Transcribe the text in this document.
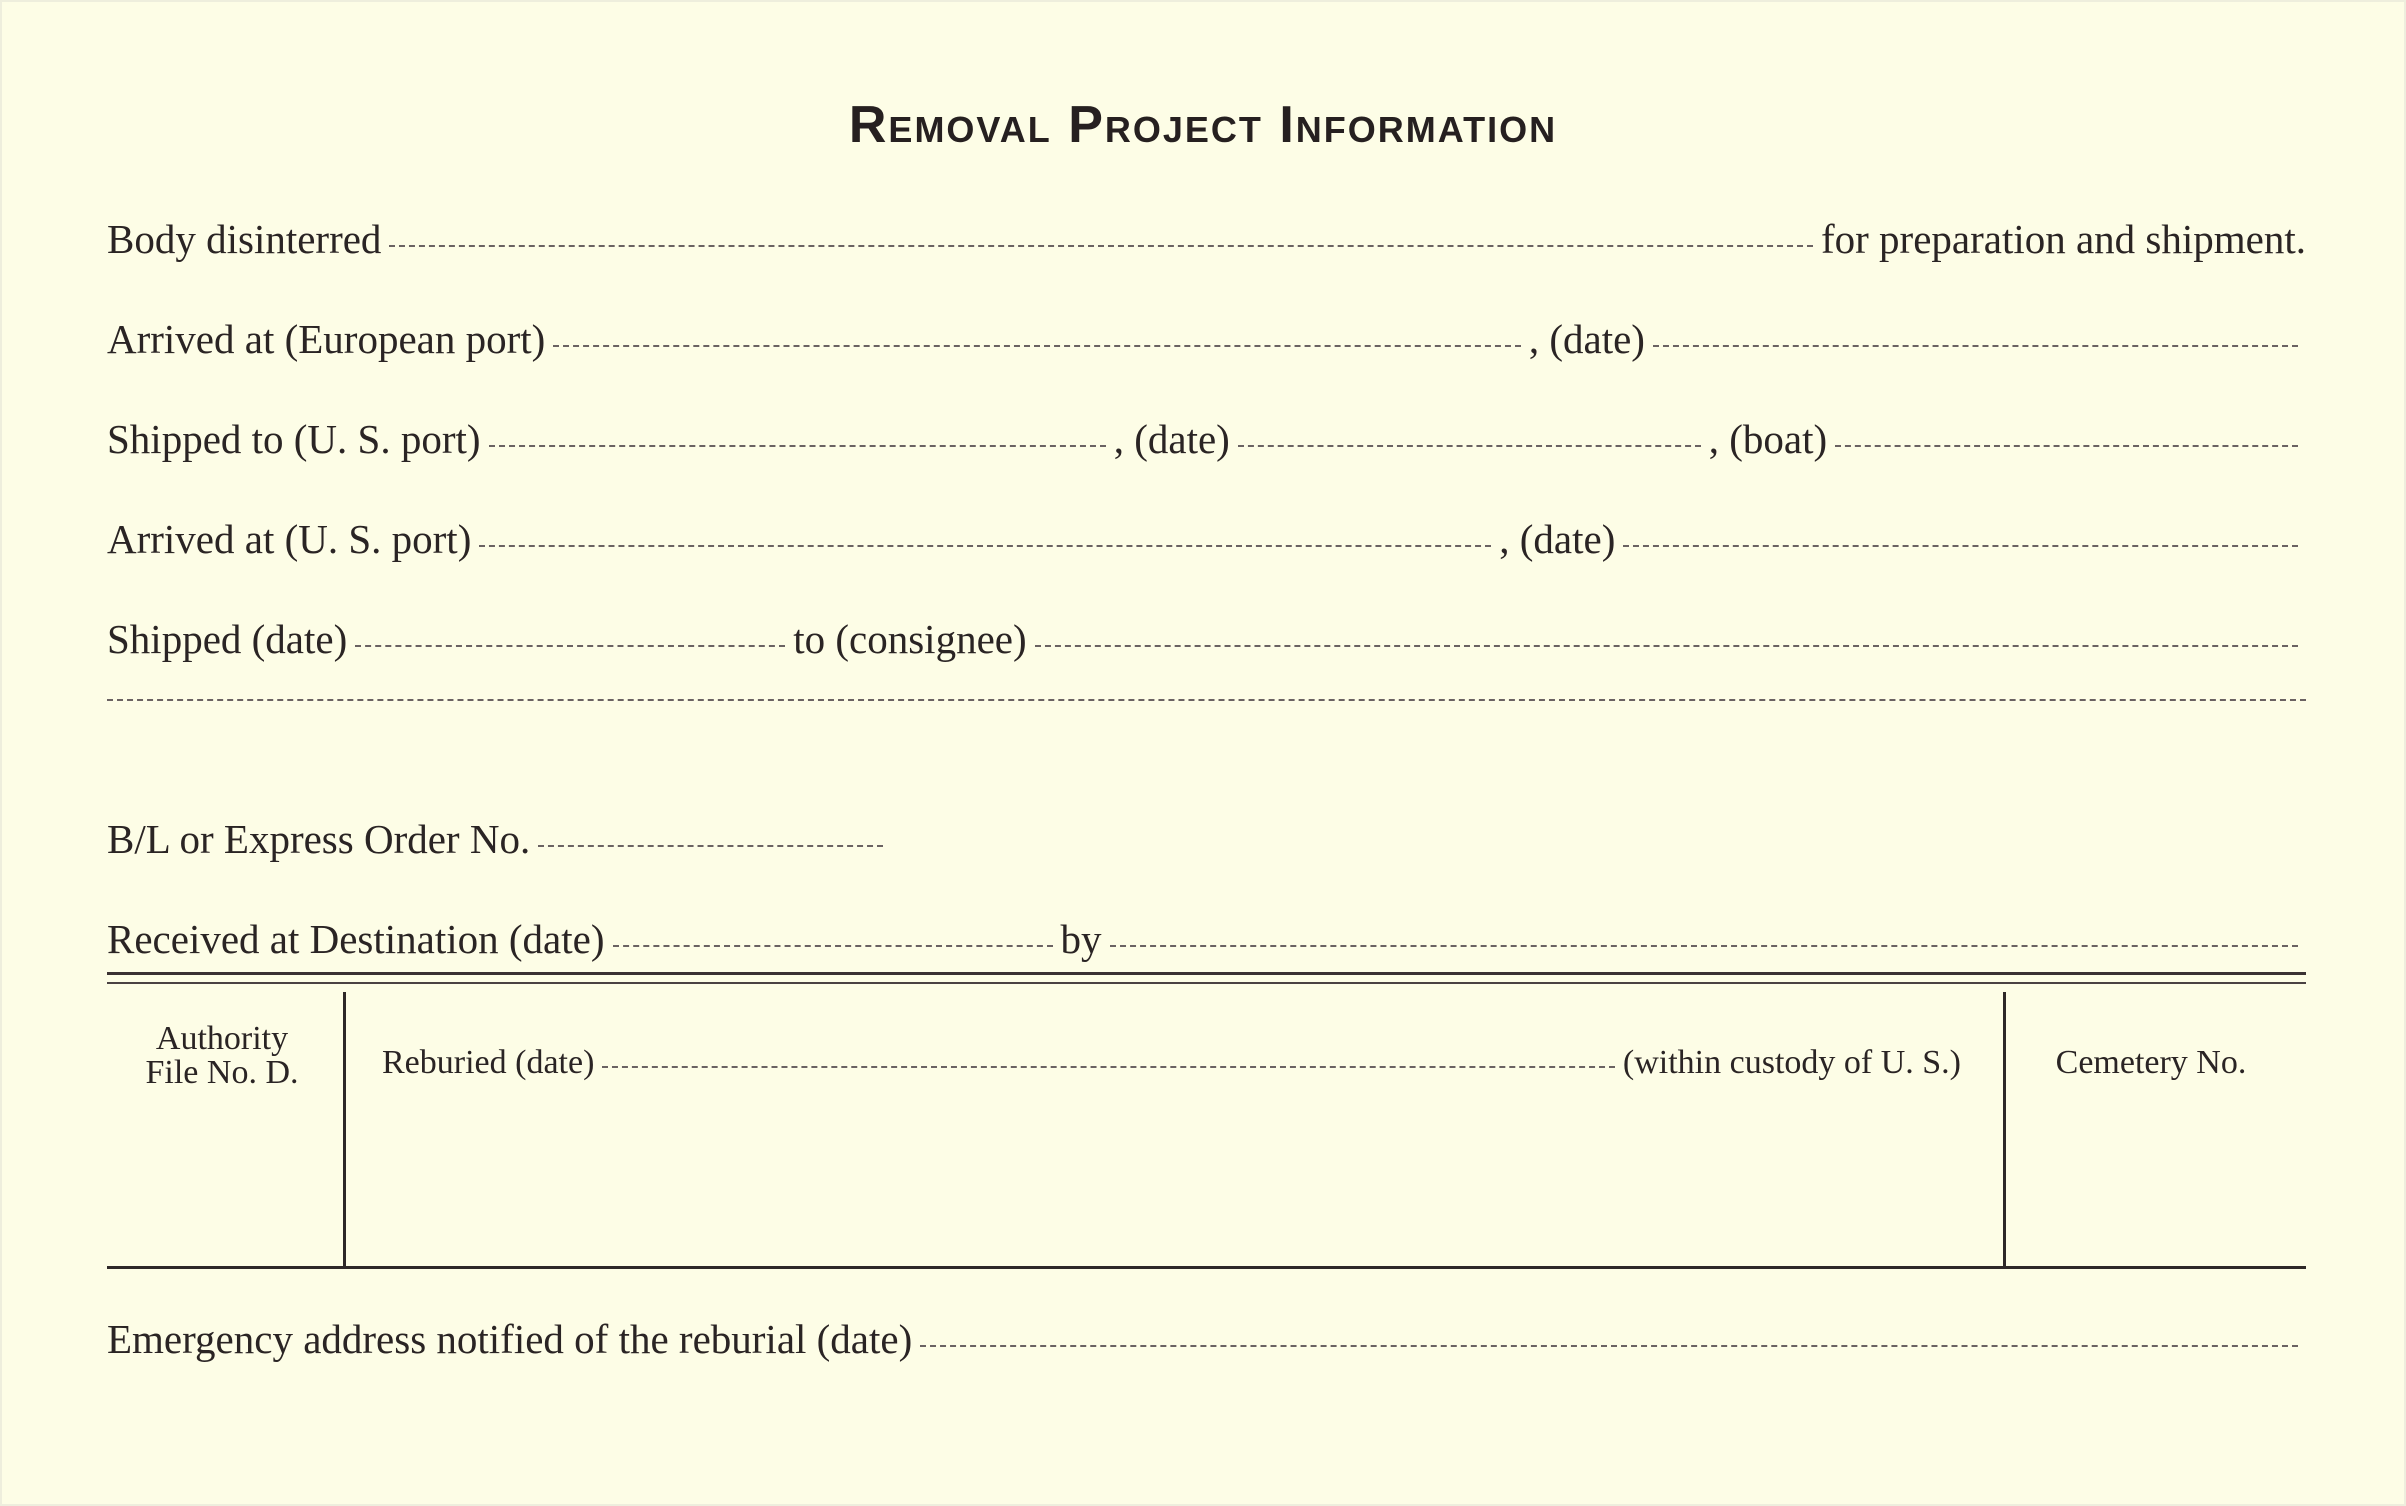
Removal Project Information
Body disinterred	for preparation and shipment.
Arrived at (European port)	, (date)
Shipped to (U. S. port)	, (date)	, (boat)
Arrived at (U. S. port)	, (date)
Shipped (date)	to (consignee)
B/L or Express Order No.
Received at Destination (date)	by
Authority
File No. D.	Reburied (date)	(within custody of U. S.)	Cemetery No.
Emergency address notified of the reburial (date)
